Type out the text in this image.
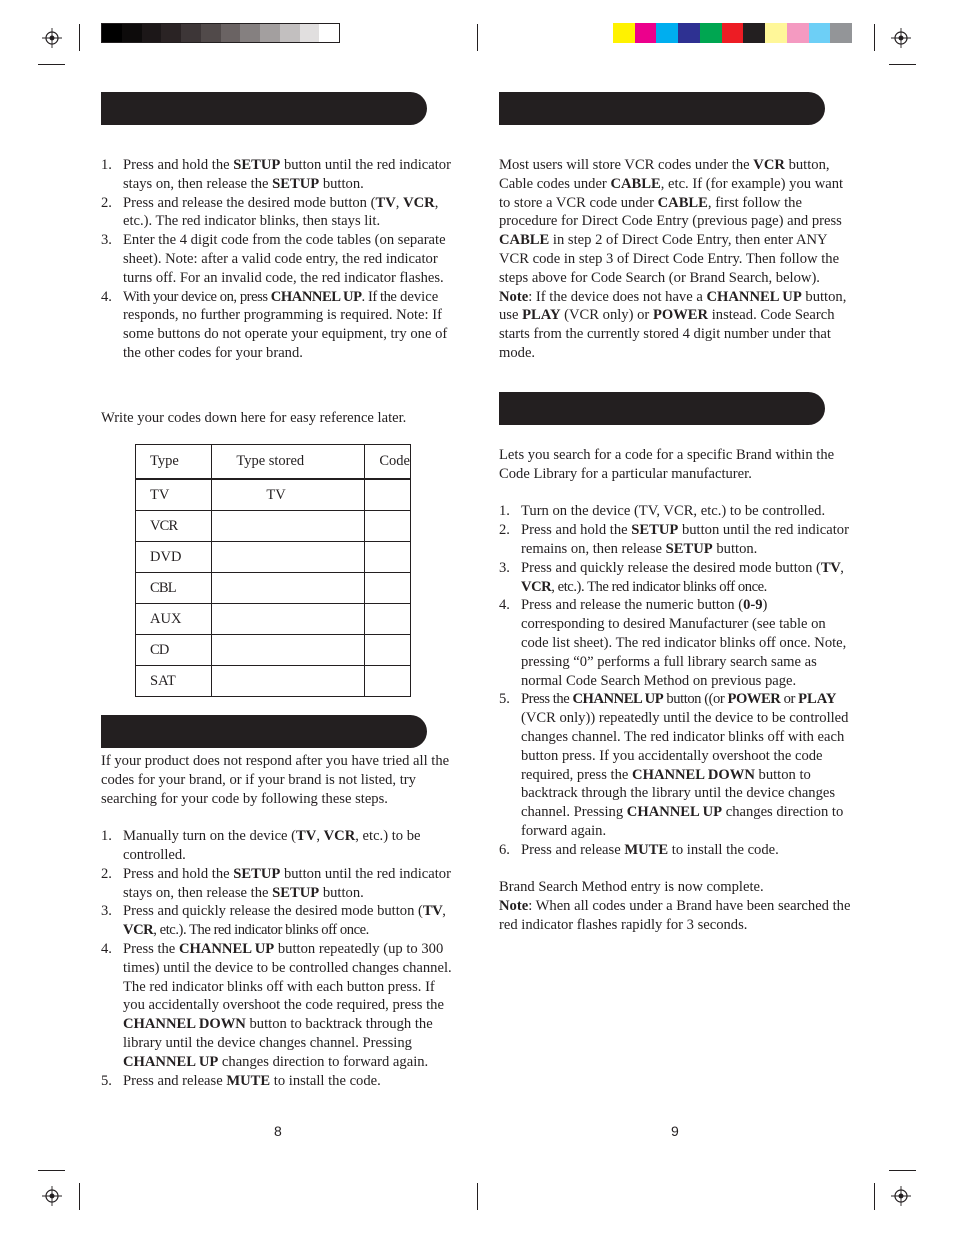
1. Press and hold the SETUP button until the red indicator stays on, then release the SETUP button.
2. Press and release the desired mode button (TV, VCR, etc.). The red indicator blinks, then stays lit.
3. Enter the 4 digit code from the code tables (on separate sheet). Note: after a valid code entry, the red indicator turns off. For an invalid code, the red indicator flashes.
4. With your device on, press CHANNEL UP. If the device responds, no further programming is required. Note: If some buttons do not operate your equipment, try one of the other codes for your brand.
Write your codes down here for easy reference later.
Type	Type stored	Code
TV	TV	
VCR		
DVD		
CBL		
AUX		
CD		
SAT		

If your product does not respond after you have tried all the codes for your brand, or if your brand is not listed, try searching for your code by following these steps.

1. Manually turn on the device (TV, VCR, etc.) to be controlled.
2. Press and hold the SETUP button until the red indicator stays on, then release the SETUP button.
3. Press and quickly release the desired mode button (TV, VCR, etc.). The red indicator blinks off once.
4. Press the CHANNEL UP button repeatedly (up to 300 times) until the device to be controlled changes channel. The red indicator blinks off with each button press. If you accidentally overshoot the code required, press the CHANNEL DOWN button to backtrack through the library until the device changes channel. Pressing CHANNEL UP changes direction to forward again.
5. Press and release MUTE to install the code.
8

Most users will store VCR codes under the VCR button, Cable codes under CABLE, etc. If (for example) you want to store a VCR code under CABLE, first follow the procedure for Direct Code Entry (previous page) and press CABLE in step 2 of Direct Code Entry, then enter ANY VCR code in step 3 of Direct Code Entry. Then follow the steps above for Code Search (or Brand Search, below). Note: If the device does not have a CHANNEL UP button, use PLAY (VCR only) or POWER instead. Code Search starts from the currently stored 4 digit number under that mode.

Lets you search for a code for a specific Brand within the Code Library for a particular manufacturer.

1. Turn on the device (TV, VCR, etc.) to be controlled.
2. Press and hold the SETUP button until the red indicator remains on, then release SETUP button.
3. Press and quickly release the desired mode button (TV, VCR, etc.). The red indicator blinks off once.
4. Press and release the numeric button (0-9) corresponding to desired Manufacturer (see table on code list sheet). The red indicator blinks off once. Note, pressing “0” performs a full library search same as normal Code Search Method on previous page.
5. Press the CHANNEL UP button ((or POWER or PLAY (VCR only)) repeatedly until the device to be controlled changes channel. The red indicator blinks off with each button press. If you accidentally overshoot the code required, press the CHANNEL DOWN button to backtrack through the library until the device changes channel. Pressing CHANNEL UP changes direction to forward again.
6. Press and release MUTE to install the code.

Brand Search Method entry is now complete.

Note: When all codes under a Brand have been searched the red indicator flashes rapidly for 3 seconds.

9
